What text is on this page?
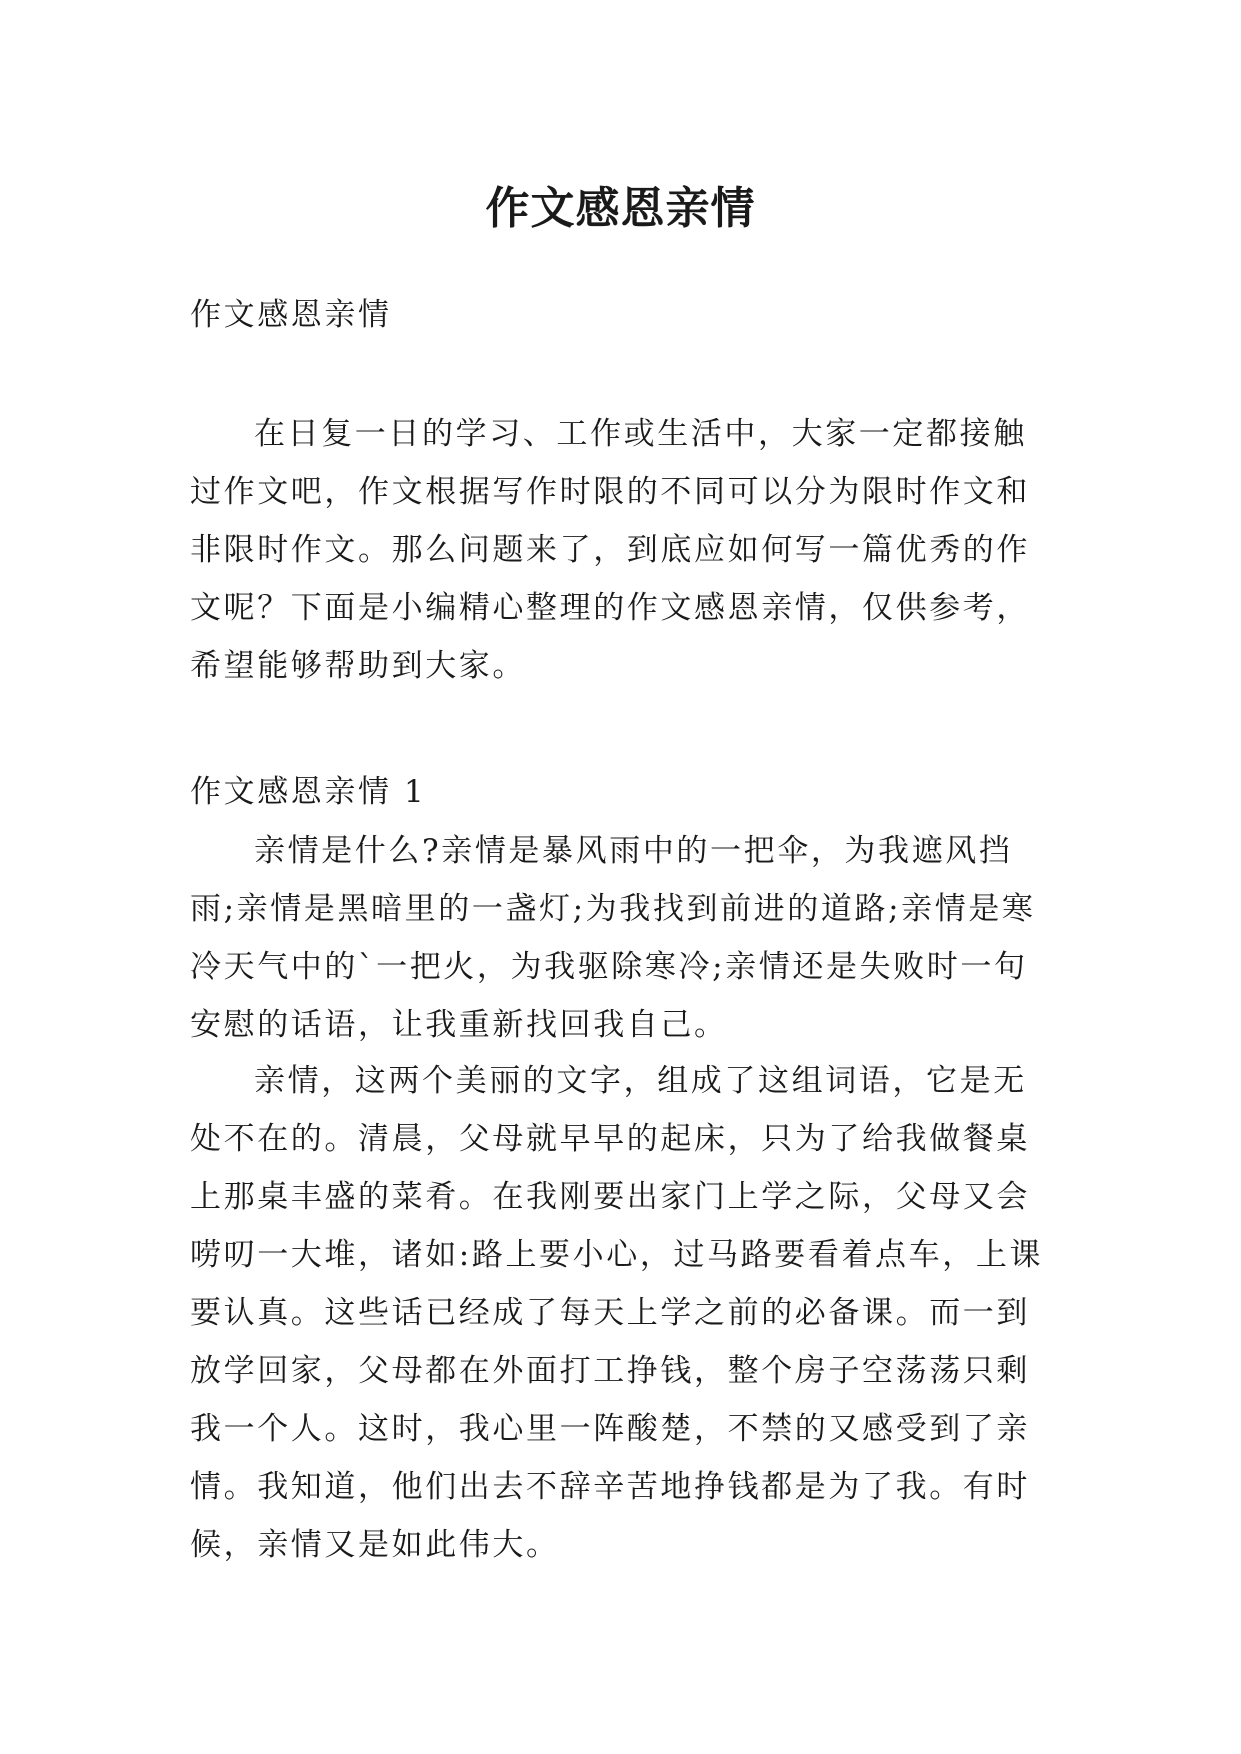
作文感恩亲情

作文感恩亲情

在日复一日的学习、工作或生活中，大家一定都接触过作文吧，作文根据写作时限的不同可以分为限时作文和非限时作文。那么问题来了，到底应如何写一篇优秀的作文呢？下面是小编精心整理的作文感恩亲情，仅供参考，希望能够帮助到大家。

作文感恩亲情 1

亲情是什么?亲情是暴风雨中的一把伞，为我遮风挡雨;亲情是黑暗里的一盏灯;为我找到前进的道路;亲情是寒冷天气中的`一把火，为我驱除寒冷;亲情还是失败时一句安慰的话语，让我重新找回我自己。

亲情，这两个美丽的文字，组成了这组词语，它是无处不在的。清晨，父母就早早的起床，只为了给我做餐桌上那桌丰盛的菜肴。在我刚要出家门上学之际，父母又会唠叨一大堆，诸如:路上要小心，过马路要看着点车，上课要认真。这些话已经成了每天上学之前的必备课。而一到放学回家，父母都在外面打工挣钱，整个房子空荡荡只剩我一个人。这时，我心里一阵酸楚，不禁的又感受到了亲情。我知道，他们出去不辞辛苦地挣钱都是为了我。有时候，亲情又是如此伟大。
